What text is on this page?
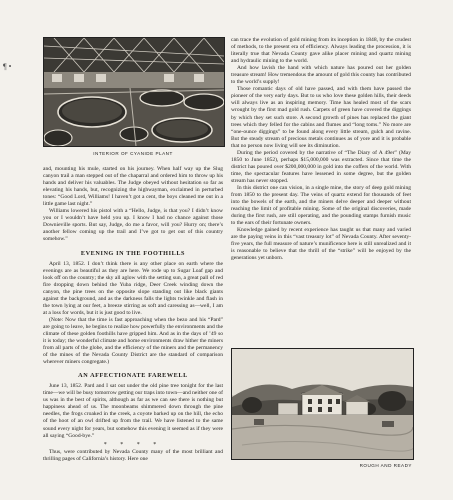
¶ •
INTERIOR OF CYANIDE PLANT

and, mounting his mule, started on his journey. When half way up the Slug canyon trail a man stepped out of the chaparral and ordered him to throw up his hands and deliver his valuables. The Judge obeyed without hesitation so far as elevating his hands, but, recognizing the highwayman, exclaimed in perturbed tones: “Good Lord, Williams! I haven’t got a cent, the boys cleaned me out in a little game last night.”

Williams lowered his pistol with a “Hello, Judge, is that you? I didn’t know you or I wouldn’t have held you up. I know I had no chance against those Downieville sports. But say, Judge, do me a favor, will you? Hurry on; there’s another fellow coming up the trail and I’ve got to get out of this country somehow.”

EVENING IN THE FOOTHILLS

April 13, 1852. I don’t think there is any other place on earth where the evenings are as beautiful as they are here. We rode up to Sugar Loaf gap and look off on the country; the sky all aglow with the setting sun, a great pall of red fire dropping down behind the Yuba ridge, Deer Creek winding down the canyon, the pine trees on the opposite slope standing out like black giants against the background, and as the darkness falls the lights twinkle and flash in the town lying at our feet, a breeze stirring as soft and caressing as—well, I am at a loss for words, but it is just good to live.

(Note: Now that the time is fast approaching when the bezo and his “Pard” are going to leave, he begins to realize how powerfully the environments and the climate of these golden foothills have gripped him. And as in the days of ’49 so it is today; the wonderful climate and home environments draw hither the miners from all parts of the globe, and the efficiency of the miners and the permanency of the mines of the Nevada County District are the standard of comparison wherever miners congregate.)

AN AFFECTIONATE FAREWELL

June 13, 1852. Pard and I sat out under the old pine tree tonight for the last time—we will be busy tomorrow getting our traps into town—and neither one of us was in the best of spirits, although as far as we can see there is nothing but happiness ahead of us. The moonbeams shimmered down through the pine needles, the frogs croaked in the creek, a coyote barked up on the hill, the echo of the hoot of an owl drifted up from the trail. We have listened to the same sound every night for years, but somehow this evening it seemed as if they were all saying “Good-bye.”

* * * *

Thus, were contributed by Nevada County many of the most brilliant and thrilling pages of California’s history. Here one

can trace the evolution of gold mining from its inception in 1848, by the crudest of methods, to the present era of efficiency. Always leading the procession, it is literally true that Nevada County gave alike placer mining and quartz mining and hydraulic mining to the world.

And how lavish the hand with which nature has poured out her golden treasure stream! How tremendous the amount of gold this county has contributed to the world’s supply!

Those romantic days of old have passed, and with them have passed the pioneer of the very early days. But to us who love these golden hills, their deeds will always live as an inspiring memory. Time has healed most of the scars wrought by the first mad gold rush. Carpets of green have covered the diggings by which they set such store. A second growth of pines has replaced the giant trees which they felled for the cabins and flumes and “long toms.” No more are “one-ounce diggings” to be found along every little stream, gulch and ravine. But the steady stream of precious metals continues as of yore and it is probable that no person now living will see its diminution.

During the period covered by the narrative of “The Diary of A 49er” (May 1850 to June 1852), perhaps $15,000,000 was extracted. Since that time the district has poured over $200,000,000 in gold into the coffers of the world. With time, the spectacular features have lessened in some degree, but the golden stream has never stopped.

In this district one can vision, in a single mine, the story of deep gold mining from 1850 to the present day. The veins of quartz extend for thousands of feet into the bowels of the earth, and the miners delve deeper and deeper without reaching the limit of profitable mining. Some of the original discoveries, made during the first rush, are still operating, and the pounding stamps furnish music to the ears of their fortunate owners.

Knowledge gained by recent experience has taught us that many and varied are the paying veins in this “vast treasury lot” of Nevada County. After seventy-five years, the full measure of nature’s munificence here is still unrealized and it is reasonable to believe that the thrill of the “strike” will be enjoyed by the generations yet unborn.

ROUGH AND READY
